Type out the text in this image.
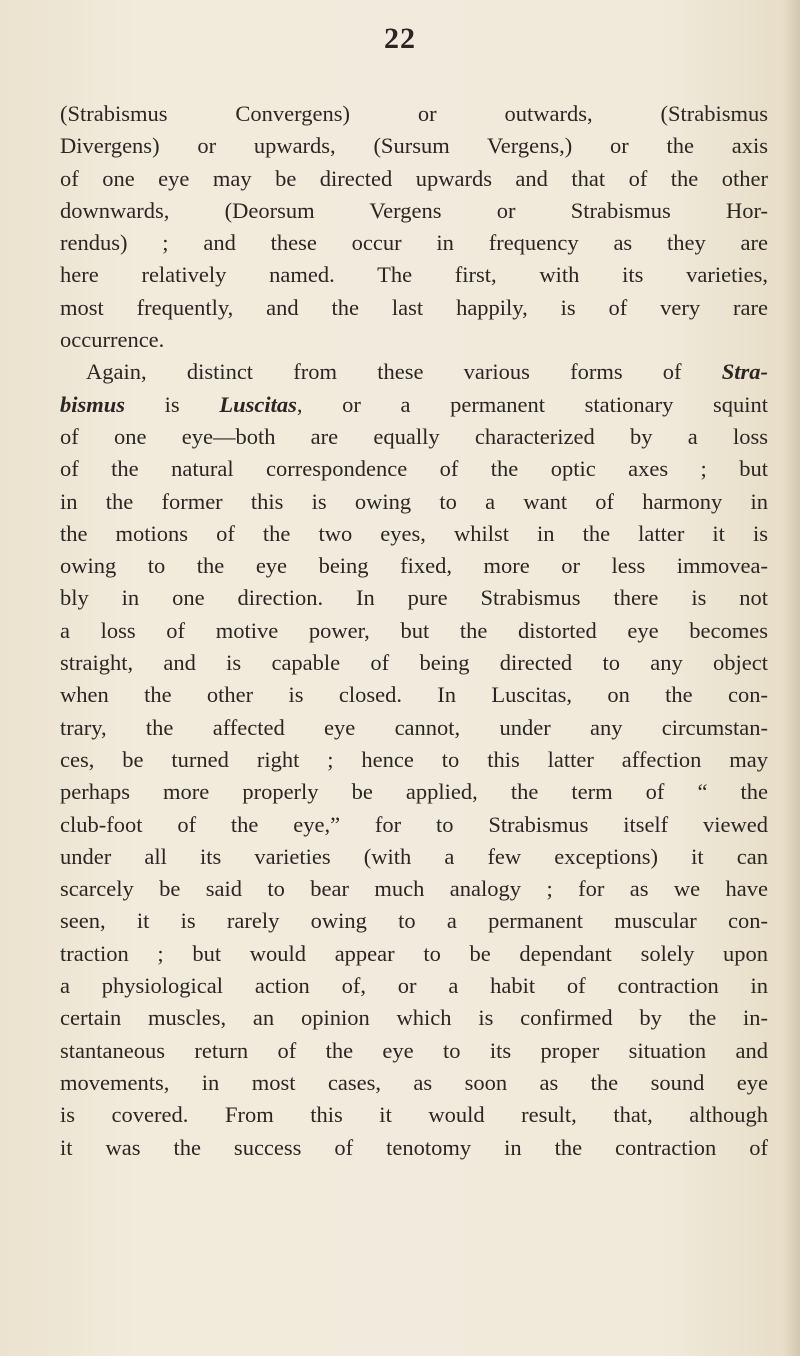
22
(Strabismus Convergens) or outwards, (Strabismus
Divergens) or upwards, (Sursum Vergens,) or the axis
of one eye may be directed upwards and that of the other
downwards, (Deorsum Vergens or Strabismus Hor-
rendus) ; and these occur in frequency as they are
here relatively named. The first, with its varieties,
most frequently, and the last happily, is of very rare
occurrence.
Again, distinct from these various forms of Stra-
bismus is Luscitas, or a permanent stationary squint
of one eye—both are equally characterized by a loss
of the natural correspondence of the optic axes ; but
in the former this is owing to a want of harmony in
the motions of the two eyes, whilst in the latter it is
owing to the eye being fixed, more or less immovea-
bly in one direction. In pure Strabismus there is not
a loss of motive power, but the distorted eye becomes
straight, and is capable of being directed to any object
when the other is closed. In Luscitas, on the con-
trary, the affected eye cannot, under any circumstan-
ces, be turned right ; hence to this latter affection may
perhaps more properly be applied, the term of “ the
club-foot of the eye,” for to Strabismus itself viewed
under all its varieties (with a few exceptions) it can
scarcely be said to bear much analogy ; for as we have
seen, it is rarely owing to a permanent muscular con-
traction ; but would appear to be dependant solely upon
a physiological action of, or a habit of contraction in
certain muscles, an opinion which is confirmed by the in-
stantaneous return of the eye to its proper situation and
movements, in most cases, as soon as the sound eye
is covered. From this it would result, that, although
it was the success of tenotomy in the contraction of
